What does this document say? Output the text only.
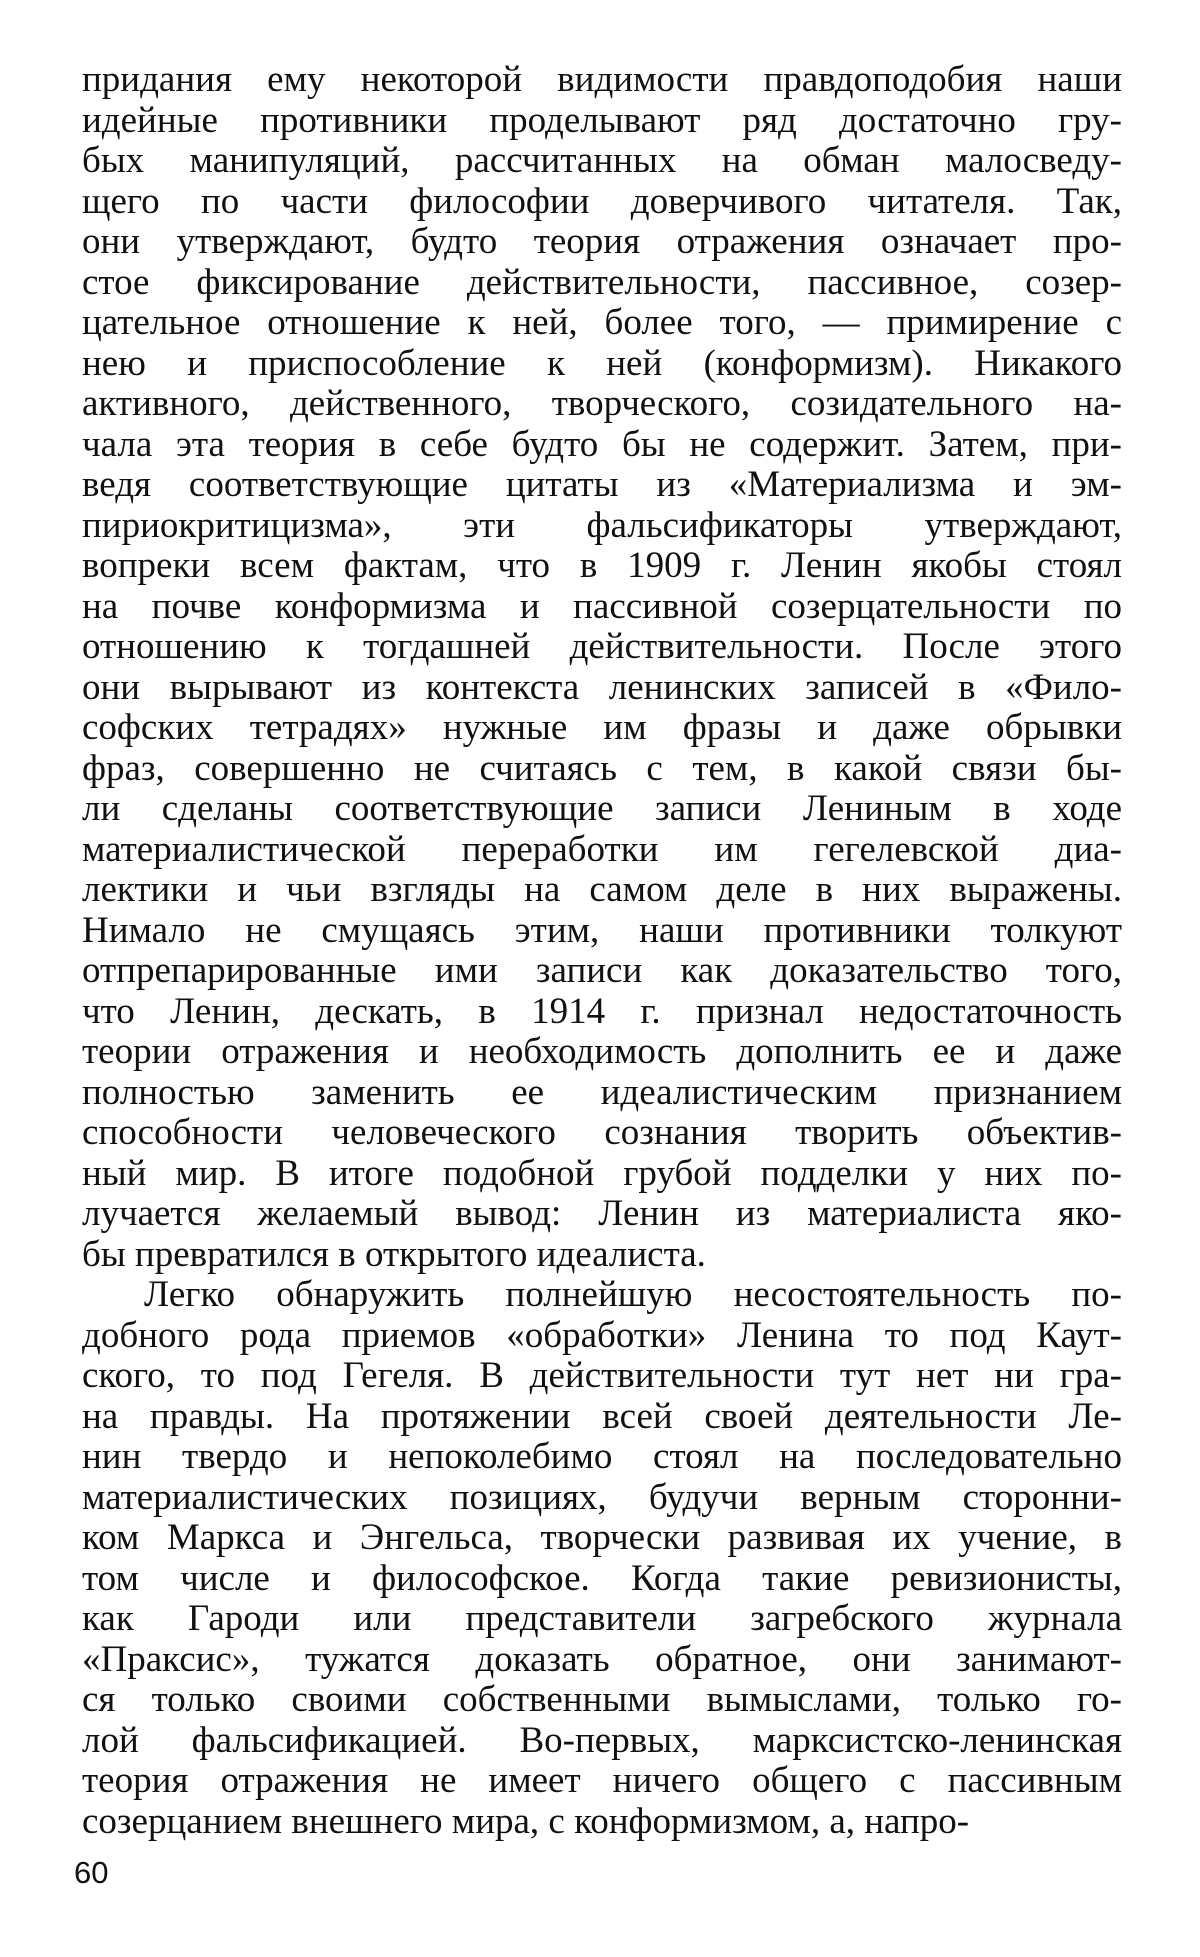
придания ему некоторой видимости правдоподобия наши
идейные противники проделывают ряд достаточно гру-
бых манипуляций, рассчитанных на обман малосведу-
щего по части философии доверчивого читателя. Так,
они утверждают, будто теория отражения означает про-
стое фиксирование действительности, пассивное, созер-
цательное отношение к ней, более того, — примирение с
нею и приспособление к ней (конформизм). Никакого
активного, действенного, творческого, созидательного на-
чала эта теория в себе будто бы не содержит. Затем, при-
ведя соответствующие цитаты из «Материализма и эм-
пириокритицизма», эти фальсификаторы утверждают,
вопреки всем фактам, что в 1909 г. Ленин якобы стоял
на почве конформизма и пассивной созерцательности по
отношению к тогдашней действительности. После этого
они вырывают из контекста ленинских записей в «Фило-
софских тетрадях» нужные им фразы и даже обрывки
фраз, совершенно не считаясь с тем, в какой связи бы-
ли сделаны соответствующие записи Лениным в ходе
материалистической переработки им гегелевской диа-
лектики и чьи взгляды на самом деле в них выражены.
Нимало не смущаясь этим, наши противники толкуют
отпрепарированные ими записи как доказательство того,
что Ленин, дескать, в 1914 г. признал недостаточность
теории отражения и необходимость дополнить ее и даже
полностью заменить ее идеалистическим признанием
способности человеческого сознания творить объектив-
ный мир. В итоге подобной грубой подделки у них по-
лучается желаемый вывод: Ленин из материалиста яко-
бы превратился в открытого идеалиста.

Легко обнаружить полнейшую несостоятельность по-
добного рода приемов «обработки» Ленина то под Каут-
ского, то под Гегеля. В действительности тут нет ни гра-
на правды. На протяжении всей своей деятельности Ле-
нин твердо и непоколебимо стоял на последовательно
материалистических позициях, будучи верным сторонни-
ком Маркса и Энгельса, творчески развивая их учение, в
том числе и философское. Когда такие ревизионисты,
как Гароди или представители загребского журнала
«Праксис», тужатся доказать обратное, они занимают-
ся только своими собственными вымыслами, только го-
лой фальсификацией. Во-первых, марксистско-ленинская
теория отражения не имеет ничего общего с пассивным
созерцанием внешнего мира, с конформизмом, а, напро-

60
